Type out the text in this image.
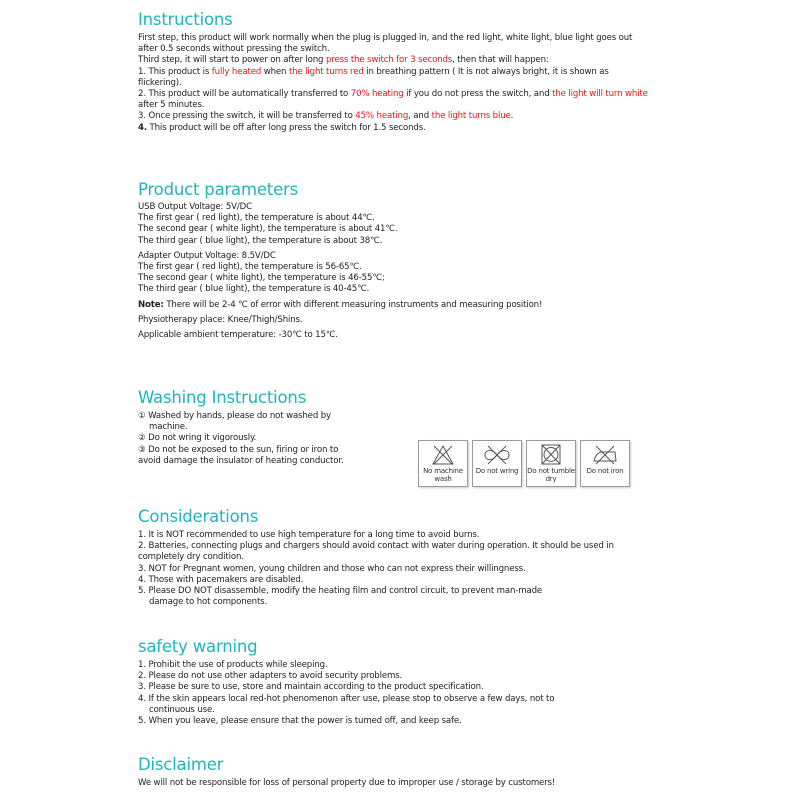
Instructions

First step, this product will work normally when the plug is plugged in, and the red light, white light, blue light goes out after 0.5 seconds without pressing the switch.

Third step, it will start to power on after long press the switch for 3 seconds, then that will happen:

1. This product is fully heated when the light turns red in breathing pattern ( It is not always bright, it is shown as flickering).

2. This product will be automatically transferred to 70% heating if you do not press the switch, and the light will turn white after 5 minutes.

3. Once pressing the switch, it will be transferred to 45% heating, and the light turns blue.

4. This product will be off after long press the switch for 1.5 seconds.

Product parameters

USB Output Voltage: 5V/DC

The first gear ( red light), the temperature is about 44℃.

The second gear ( white light), the temperature is about 41℃.

The third gear ( blue light), the temperature is about 38℃.

Adapter Output Voltage: 8.5V/DC

The first gear ( red light), the temperature is 56-65℃.

The second gear ( white light), the temperature is 46-55℃;

The third gear ( blue light), the temperature is 40-45℃.

Note: There will be 2-4 ℃ of error with different measuring instruments and measuring position!

Physiotherapy place: Knee/Thigh/Shins.

Applicable ambient temperature: -30℃ to 15℃.

Washing Instructions

① Washed by hands, please do not washed by

machine.

② Do not wring it vigorously.

③ Do not be exposed to the sun, firing or iron to

avoid damage the insulator of heating conductor.

No machine wash
Do not wring Do not tumble dry
Do not iron
Considerations

1. It is NOT recommended to use high temperature for a long time to avoid burns.

2. Batteries, connecting plugs and chargers should avoid contact with water during operation. It should be used in completely dry condition.

3. NOT for Pregnant women, young children and those who can not express their willingness.

4. Those with pacemakers are disabled.

5. Please DO NOT disassemble, modify the heating film and control circuit, to prevent man-made

damage to hot components.

safety warning

1. Prohibit the use of products while sleeping.

2. Please do not use other adapters to avoid security problems.

3. Please be sure to use, store and maintain according to the product specification.

4. If the skin appears local red-hot phenomenon after use, please stop to observe a few days, not to

continuous use.

5. When you leave, please ensure that the power is tumed off, and keep safe.

Disclaimer

We will not be responsible for loss of personal property due to improper use / storage by customers!
